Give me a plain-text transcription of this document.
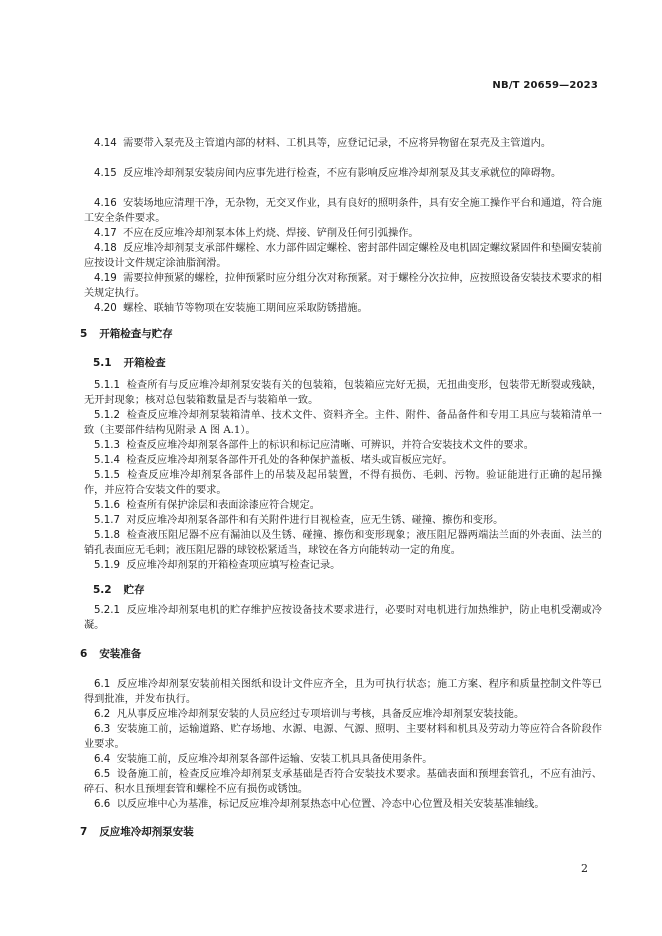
NB/T 20659—2023
4.14 需要带入泵壳及主管道内部的材料、工机具等，应登记记录，不应将异物留在泵壳及主管道内。
4.15 反应堆冷却剂泵安装房间内应事先进行检查，不应有影响反应堆冷却剂泵及其支承就位的障碍物。
4.16 安装场地应清理干净，无杂物，无交叉作业，具有良好的照明条件，具有安全施工操作平台和通道，符合施工安全条件要求。
4.17 不应在反应堆冷却剂泵本体上灼烧、焊接、铲削及任何引弧操作。
4.18 反应堆冷却剂泵支承部件螺栓、水力部件固定螺栓、密封部件固定螺栓及电机固定螺纹紧固件和垫圈安装前应按设计文件规定涂油脂润滑。
4.19 需要拉伸预紧的螺栓，拉伸预紧时应分组分次对称预紧。对于螺栓分次拉伸，应按照设备安装技术要求的相关规定执行。
4.20 螺栓、联轴节等物项在安装施工期间应采取防锈措施。
5 开箱检查与贮存
5.1 开箱检查
5.1.1 检查所有与反应堆冷却剂泵安装有关的包装箱，包装箱应完好无损，无扭曲变形，包装带无断裂或残缺，无开封现象；核对总包装箱数量是否与装箱单一致。
5.1.2 检查反应堆冷却剂泵装箱清单、技术文件、资料齐全。主件、附件、备品备件和专用工具应与装箱清单一致（主要部件结构见附录 A 图 A.1）。
5.1.3 检查反应堆冷却剂泵各部件上的标识和标记应清晰、可辨识，并符合安装技术文件的要求。
5.1.4 检查反应堆冷却剂泵各部件开孔处的各种保护盖板、堵头或盲板应完好。
5.1.5 检查反应堆冷却剂泵各部件上的吊装及起吊装置，不得有损伤、毛刺、污物。验证能进行正确的起吊操作，并应符合安装文件的要求。
5.1.6 检查所有保护涂层和表面涂漆应符合规定。
5.1.7 对反应堆冷却剂泵各部件和有关附件进行目视检查，应无生锈、碰撞、擦伤和变形。
5.1.8 检查液压阻尼器不应有漏油以及生锈、碰撞、擦伤和变形现象；液压阻尼器两端法兰面的外表面、法兰的销孔表面应无毛刺；液压阻尼器的球铰松紧适当，球铰在各方向能转动一定的角度。
5.1.9 反应堆冷却剂泵的开箱检查项应填写检查记录。
5.2 贮存
5.2.1 反应堆冷却剂泵电机的贮存维护应按设备技术要求进行，必要时对电机进行加热维护，防止电机受潮或冷凝。
6 安装准备
6.1 反应堆冷却剂泵安装前相关图纸和设计文件应齐全，且为可执行状态；施工方案、程序和质量控制文件等已得到批准，并发布执行。
6.2 凡从事反应堆冷却剂泵安装的人员应经过专项培训与考核，具备反应堆冷却剂泵安装技能。
6.3 安装施工前，运输道路、贮存场地、水源、电源、气源、照明、主要材料和机具及劳动力等应符合各阶段作业要求。
6.4 安装施工前，反应堆冷却剂泵各部件运输、安装工机具具备使用条件。
6.5 设备施工前，检查反应堆冷却剂泵支承基础是否符合安装技术要求。基础表面和预埋套管孔，不应有油污、碎石、积水且预埋套管和螺栓不应有损伤或锈蚀。
6.6 以反应堆中心为基准，标记反应堆冷却剂泵热态中心位置、冷态中心位置及相关安装基准轴线。
7 反应堆冷却剂泵安装
2
